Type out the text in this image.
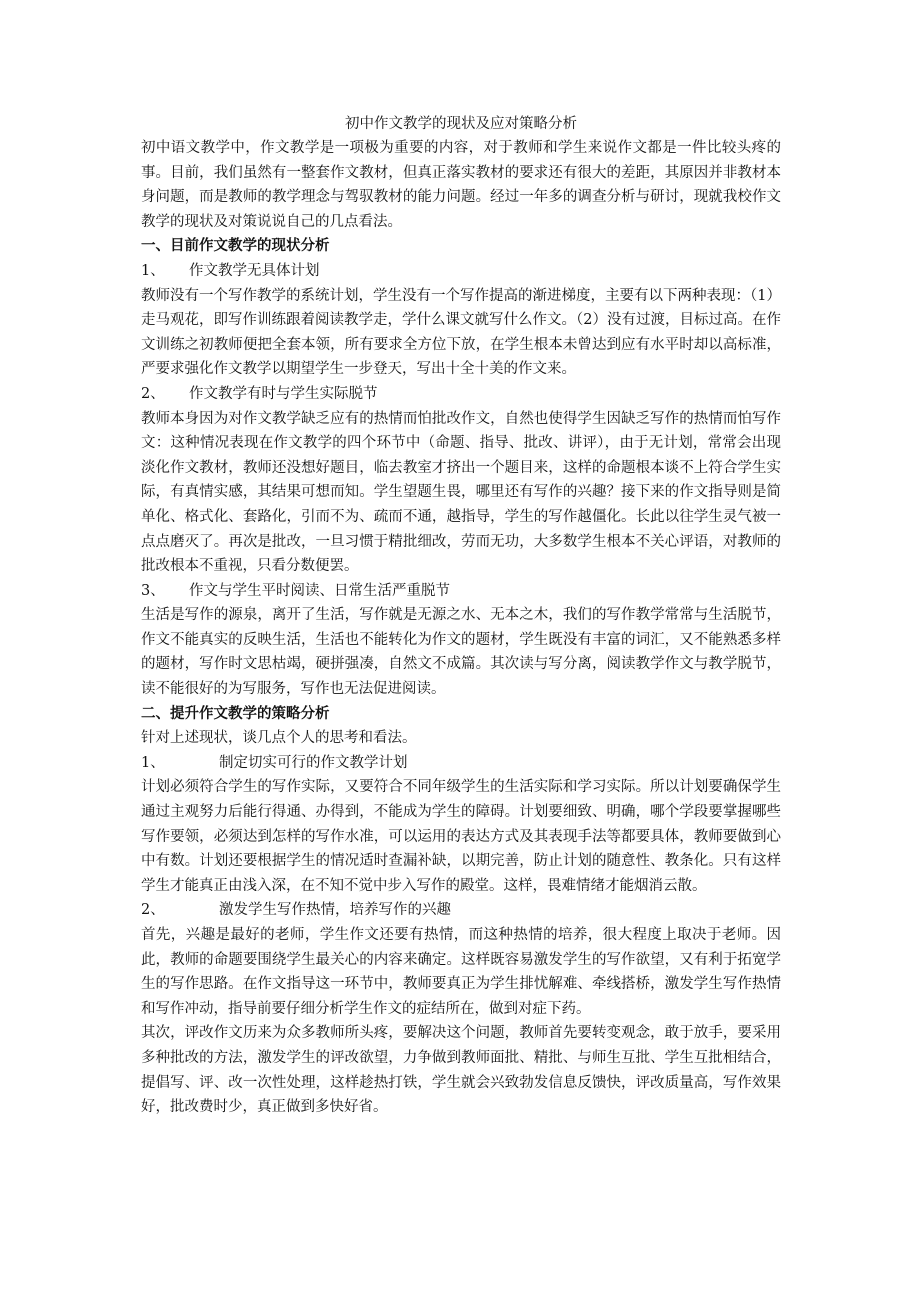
初中作文教学的现状及应对策略分析

初中语文教学中，作文教学是一项极为重要的内容，对于教师和学生来说作文都是一件比较头疼的事。目前，我们虽然有一整套作文教材，但真正落实教材的要求还有很大的差距，其原因并非教材本身问题，而是教师的教学理念与驾驭教材的能力问题。经过一年多的调查分析与研讨，现就我校作文教学的现状及对策说说自己的几点看法。

一、目前作文教学的现状分析

1、	作文教学无具体计划

教师没有一个写作教学的系统计划，学生没有一个写作提高的渐进梯度，主要有以下两种表现：（1）走马观花，即写作训练跟着阅读教学走，学什么课文就写什么作文。（2）没有过渡，目标过高。在作文训练之初教师便把全套本领，所有要求全方位下放，在学生根本未曾达到应有水平时却以高标准，严要求强化作文教学以期望学生一步登天，写出十全十美的作文来。

2、	作文教学有时与学生实际脱节

教师本身因为对作文教学缺乏应有的热情而怕批改作文，自然也使得学生因缺乏写作的热情而怕写作文：这种情况表现在作文教学的四个环节中（命题、指导、批改、讲评），由于无计划，常常会出现淡化作文教材，教师还没想好题目，临去教室才挤出一个题目来，这样的命题根本谈不上符合学生实际，有真情实感，其结果可想而知。学生望题生畏，哪里还有写作的兴趣？接下来的作文指导则是简单化、格式化、套路化，引而不为、疏而不通，越指导，学生的写作越僵化。长此以往学生灵气被一点点磨灭了。再次是批改，一旦习惯于精批细改，劳而无功，大多数学生根本不关心评语，对教师的批改根本不重视，只看分数便罢。

3、	作文与学生平时阅读、日常生活严重脱节

生活是写作的源泉，离开了生活，写作就是无源之水、无本之木，我们的写作教学常常与生活脱节，作文不能真实的反映生活，生活也不能转化为作文的题材，学生既没有丰富的词汇，又不能熟悉多样的题材，写作时文思枯竭，硬拼强凑，自然文不成篇。其次读与写分离，阅读教学作文与教学脱节，读不能很好的为写服务，写作也无法促进阅读。

二、提升作文教学的策略分析

针对上述现状，谈几点个人的思考和看法。

1、	制定切实可行的作文教学计划

计划必须符合学生的写作实际，又要符合不同年级学生的生活实际和学习实际。所以计划要确保学生通过主观努力后能行得通、办得到，不能成为学生的障碍。计划要细致、明确，哪个学段要掌握哪些写作要领，必须达到怎样的写作水准，可以运用的表达方式及其表现手法等都要具体，教师要做到心中有数。计划还要根据学生的情况适时查漏补缺，以期完善，防止计划的随意性、教条化。只有这样学生才能真正由浅入深，在不知不觉中步入写作的殿堂。这样，畏难情绪才能烟消云散。

2、	激发学生写作热情，培养写作的兴趣

首先，兴趣是最好的老师，学生作文还要有热情，而这种热情的培养，很大程度上取决于老师。因此，教师的命题要围绕学生最关心的内容来确定。这样既容易激发学生的写作欲望，又有利于拓宽学生的写作思路。在作文指导这一环节中，教师要真正为学生排忧解难、牵线搭桥，激发学生写作热情和写作冲动，指导前要仔细分析学生作文的症结所在，做到对症下药。

其次，评改作文历来为众多教师所头疼，要解决这个问题，教师首先要转变观念，敢于放手，要采用多种批改的方法，激发学生的评改欲望，力争做到教师面批、精批、与师生互批、学生互批相结合，提倡写、评、改一次性处理，这样趁热打铁，学生就会兴致勃发信息反馈快，评改质量高，写作效果好，批改费时少，真正做到多快好省。
